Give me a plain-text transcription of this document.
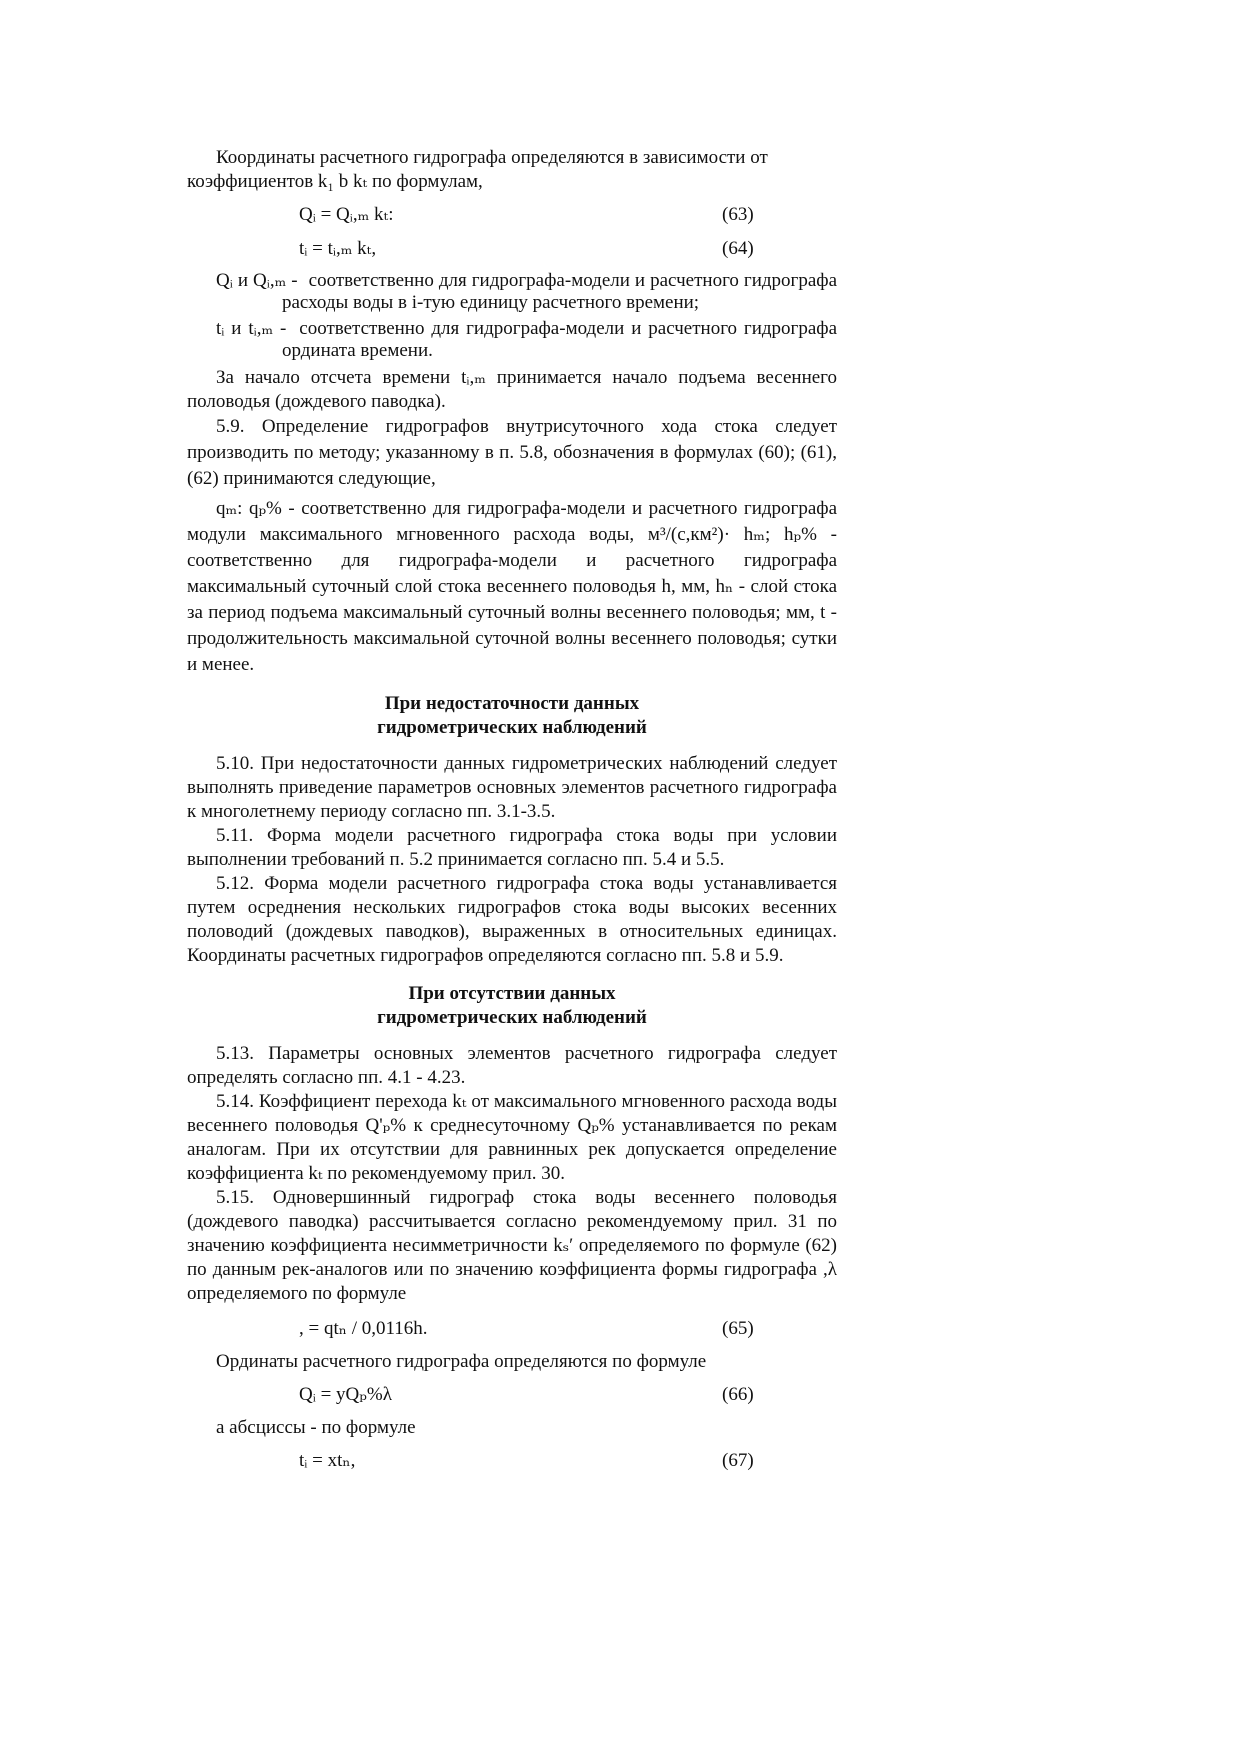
Координаты расчетного гидрографа определяются в зависимости от

коэффициентов k₁ b kₜ по формулам,

Qᵢ = Qᵢ,ₘ kₜ:	(63)
tᵢ = tᵢ,ₘ kₜ,	(64)
Qᵢ и Qᵢ,ₘ - соответственно для гидрографа-модели и расчетного гидрографа расходы воды в i-тую единицу расчетного времени;
tᵢ и tᵢ,ₘ - соответственно для гидрографа-модели и расчетного гидрографа ордината времени.

За начало отсчета времени tᵢ,ₘ принимается начало подъема весеннего половодья (дождевого паводка).

5.9. Определение гидрографов внутрисуточного хода стока следует производить по методу; указанному в п. 5.8, обозначения в формулах (60); (61), (62) принимаются следующие,

qₘ: qₚ% - соответственно для гидрографа-модели и расчетного гидрографа модули максимального мгновенного расхода воды, м³/(с,км²)· hₘ; hₚ% - соответственно для гидрографа-модели и расчетного гидрографа максимальный суточный слой стока весеннего половодья h, мм, hₙ - слой стока за период подъема максимальный суточный волны весеннего половодья; мм, t - продолжительность максимальной суточной волны весеннего половодья; сутки и менее.

При недостаточности данных
гидрометрических наблюдений

5.10. При недостаточности данных гидрометрических наблюдений следует выполнять приведение параметров основных элементов расчетного гидрографа к многолетнему периоду согласно пп. 3.1-3.5.

5.11. Форма модели расчетного гидрографа стока воды при условии выполнении требований п. 5.2 принимается согласно пп. 5.4 и 5.5.

5.12. Форма модели расчетного гидрографа стока воды устанавливается путем осреднения нескольких гидрографов стока воды высоких весенних половодий (дождевых паводков), выраженных в относительных единицах. Координаты расчетных гидрографов определяются согласно пп. 5.8 и 5.9.

При отсутствии данных
гидрометрических наблюдений

5.13. Параметры основных элементов расчетного гидрографа следует определять согласно пп. 4.1 - 4.23.

5.14. Коэффициент перехода kₜ от максимального мгновенного расхода воды весеннего половодья Q'ₚ% к среднесуточному Qₚ% устанавливается по рекам аналогам. При их отсутствии для равнинных рек допускается определение коэффициента kₜ по рекомендуемому прил. 30.

5.15. Одновершинный гидрограф стока воды весеннего половодья (дождевого паводка) рассчитывается согласно рекомендуемому прил. 31 по значению коэффициента несимметричности kₛ′ определяемого по формуле (62) по данным рек-аналогов или по значению коэффициента формы гидрографа ,λ определяемого по формуле

, = qtₙ / 0,0116h.	(65)

Ординаты расчетного гидрографа определяются по формуле

Qᵢ = yQₚ%λ	(66)

а абсциссы - по формуле

tᵢ = xtₙ,	(67)
